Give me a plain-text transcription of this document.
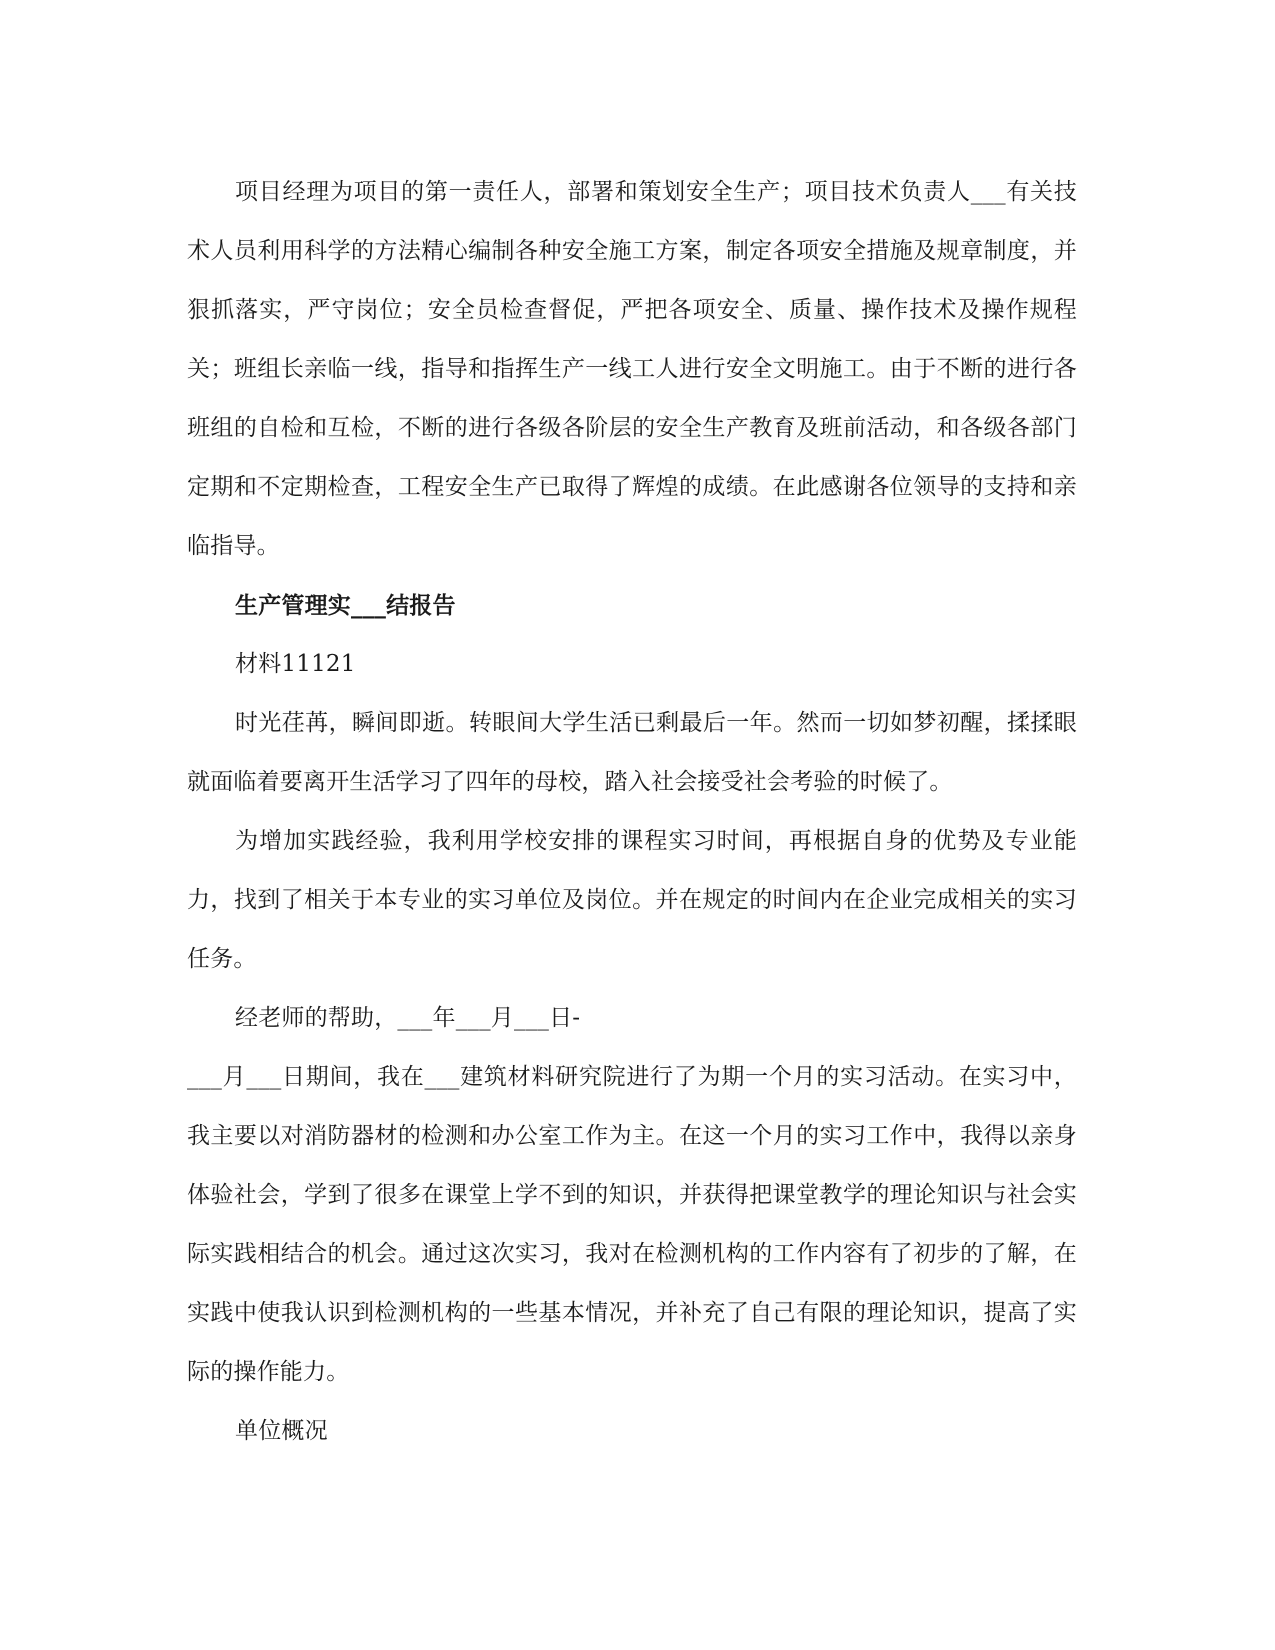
项目经理为项目的第一责任人，部署和策划安全生产；项目技术负责人___有关技术人员利用科学的方法精心编制各种安全施工方案，制定各项安全措施及规章制度，并狠抓落实，严守岗位；安全员检查督促，严把各项安全、质量、操作技术及操作规程关；班组长亲临一线，指导和指挥生产一线工人进行安全文明施工。由于不断的进行各班组的自检和互检，不断的进行各级各阶层的安全生产教育及班前活动，和各级各部门定期和不定期检查，工程安全生产已取得了辉煌的成绩。在此感谢各位领导的支持和亲临指导。

生产管理实___结报告

材料11121

时光荏苒，瞬间即逝。转眼间大学生活已剩最后一年。然而一切如梦初醒，揉揉眼就面临着要离开生活学习了四年的母校，踏入社会接受社会考验的时候了。

为增加实践经验，我利用学校安排的课程实习时间，再根据自身的优势及专业能力，找到了相关于本专业的实习单位及岗位。并在规定的时间内在企业完成相关的实习任务。

经老师的帮助，___年___月___日-

___月___日期间，我在___建筑材料研究院进行了为期一个月的实习活动。在实习中，我主要以对消防器材的检测和办公室工作为主。在这一个月的实习工作中，我得以亲身体验社会，学到了很多在课堂上学不到的知识，并获得把课堂教学的理论知识与社会实际实践相结合的机会。通过这次实习，我对在检测机构的工作内容有了初步的了解，在实践中使我认识到检测机构的一些基本情况，并补充了自己有限的理论知识，提高了实际的操作能力。

单位概况
